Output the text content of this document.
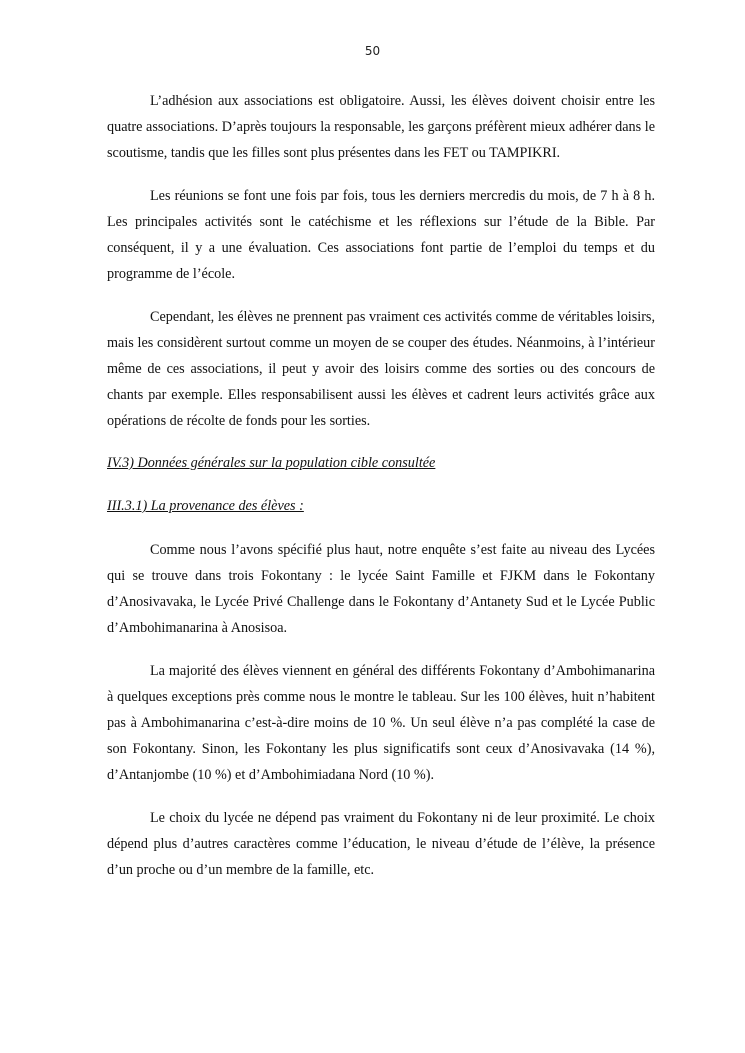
50

L’adhésion aux associations est obligatoire. Aussi, les élèves doivent choisir entre les quatre associations. D’après toujours la responsable, les garçons préfèrent mieux adhérer dans le scoutisme, tandis que les filles sont plus présentes dans les FET ou TAMPIKRI.

Les réunions se font une fois par fois, tous les derniers mercredis du mois, de 7 h à 8 h. Les principales activités sont le catéchisme et les réflexions sur l’étude de la Bible. Par conséquent, il y a une évaluation. Ces associations font partie de l’emploi du temps et du programme de l’école.

Cependant, les élèves ne prennent pas vraiment ces activités comme de véritables loisirs, mais les considèrent surtout comme un moyen de se couper des études. Néanmoins, à l’intérieur même de ces associations, il peut y avoir des loisirs comme des sorties ou des concours de chants par exemple. Elles responsabilisent aussi les élèves et cadrent leurs activités grâce aux opérations de récolte de fonds pour les sorties.

IV.3) Données générales sur la population cible consultée
III.3.1) La provenance des élèves :

Comme nous l’avons spécifié plus haut, notre enquête s’est faite au niveau des Lycées qui se trouve dans trois Fokontany : le lycée Saint Famille et FJKM dans le Fokontany d’Anosivavaka, le Lycée Privé Challenge dans le Fokontany d’Antanety Sud et le Lycée Public d’Ambohimanarina à Anosisoa.

La majorité des élèves viennent en général des différents Fokontany d’Ambohimanarina à quelques exceptions près comme nous le montre le tableau. Sur les 100 élèves, huit n’habitent pas à Ambohimanarina c’est-à-dire moins de 10 %. Un seul élève n’a pas complété la case de son Fokontany. Sinon, les Fokontany les plus significatifs sont ceux d’Anosivavaka (14 %), d’Antanjombe (10 %) et d’Ambohimiadana Nord (10 %).

Le choix du lycée ne dépend pas vraiment du Fokontany ni de leur proximité. Le choix dépend plus d’autres caractères comme l’éducation, le niveau d’étude de l’élève, la présence d’un proche ou d’un membre de la famille, etc.
